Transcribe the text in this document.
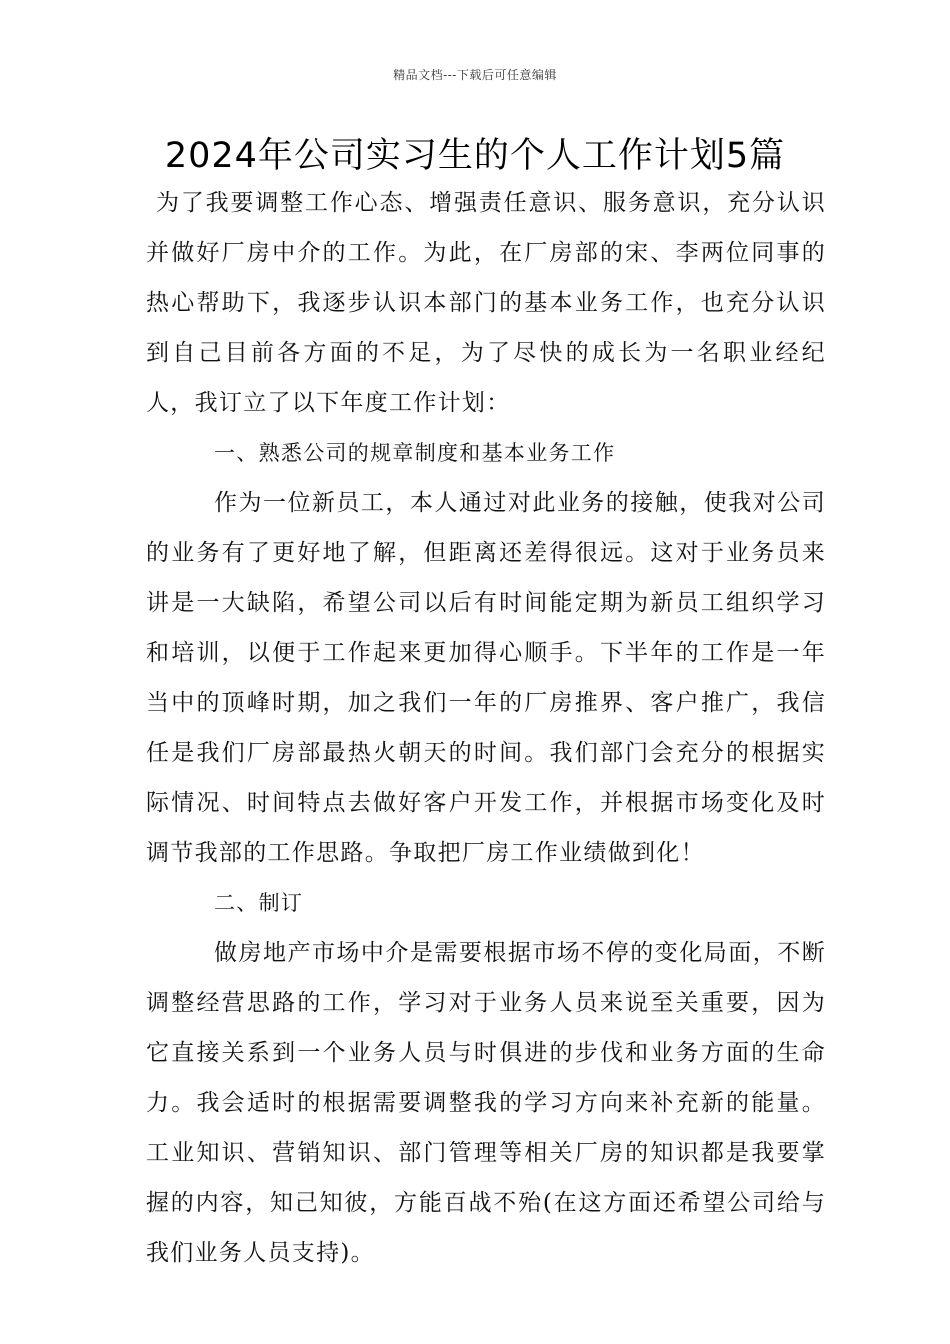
精品文档---下载后可任意编辑
2024年公司实习生的个人工作计划5篇

为了我要调整工作心态、增强责任意识、服务意识，充分认识并做好厂房中介的工作。为此，在厂房部的宋、李两位同事的热心帮助下，我逐步认识本部门的基本业务工作，也充分认识到自己目前各方面的不足，为了尽快的成长为一名职业经纪人，我订立了以下年度工作计划：

一、熟悉公司的规章制度和基本业务工作

作为一位新员工，本人通过对此业务的接触，使我对公司的业务有了更好地了解，但距离还差得很远。这对于业务员来讲是一大缺陷，希望公司以后有时间能定期为新员工组织学习和培训，以便于工作起来更加得心顺手。下半年的工作是一年当中的顶峰时期，加之我们一年的厂房推界、客户推广，我信任是我们厂房部最热火朝天的时间。我们部门会充分的根据实际情况、时间特点去做好客户开发工作，并根据市场变化及时调节我部的工作思路。争取把厂房工作业绩做到化！

二、制订

做房地产市场中介是需要根据市场不停的变化局面，不断调整经营思路的工作，学习对于业务人员来说至关重要，因为它直接关系到一个业务人员与时俱进的步伐和业务方面的生命力。我会适时的根据需要调整我的学习方向来补充新的能量。工业知识、营销知识、部门管理等相关厂房的知识都是我要掌握的内容，知己知彼，方能百战不殆(在这方面还希望公司给与我们业务人员支持)。
